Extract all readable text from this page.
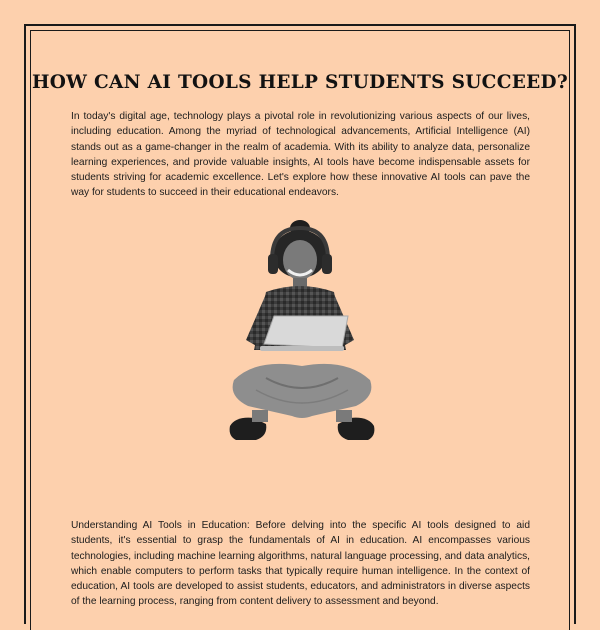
HOW CAN AI TOOLS HELP STUDENTS SUCCEED?

In today's digital age, technology plays a pivotal role in revolutionizing various aspects of our lives, including education. Among the myriad of technological advancements, Artificial Intelligence (AI) stands out as a game-changer in the realm of academia. With its ability to analyze data, personalize learning experiences, and provide valuable insights, AI tools have become indispensable assets for students striving for academic excellence. Let's explore how these innovative AI tools can pave the way for students to succeed in their educational endeavors.

Understanding AI Tools in Education: Before delving into the specific AI tools designed to aid students, it's essential to grasp the fundamentals of AI in education. AI encompasses various technologies, including machine learning algorithms, natural language processing, and data analytics, which enable computers to perform tasks that typically require human intelligence. In the context of education, AI tools are developed to assist students, educators, and administrators in diverse aspects of the learning process, ranging from content delivery to assessment and beyond.
